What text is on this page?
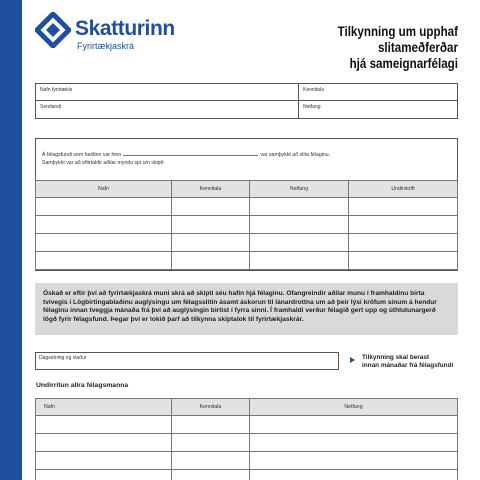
Skatturinn
Fyrirtækjaskrá
Tilkynning um upphaf slitameðferðar
hjá sameignarfélagi
Nafn fyrirtækis	Kennitala
Sendandi	Netfang
Á félagsfundi sem haldinn var hinn	var samþykkt að slíta félaginu.
Samþykkt var að eftirtaldir aðilar myndu sjá um skiptí:
Nafn	Kennitala	Netfang	Undirskrift

Óskað er eftir því að fyrirtækjaskrá muni skrá að skipti séu hafin hjá félaginu. Ofangreindir aðilar munu í framhaldinu birta tvívegis í Lögbirtingablaðinu auglýsingu um félagsslitin ásamt áskorun til lánardrottna um að þeir lýsi kröfum sínum á hendur félaginu innan tveggja mánaða frá því að auglýsingin birtist í fyrra sinni. Í framhaldi verður félagið gert upp og úthlutunargerð lögð fyrir félagsfund. Þegar því er lokið þarf að tilkynna skiptalok til fyrirtækjaskrár.
Dagsetning og staður	Tilkynning skal berast
innan mánaðar frá félagsfundi
Undirritun allra félagsmanna
Nafn	Kennitala	Netfang
